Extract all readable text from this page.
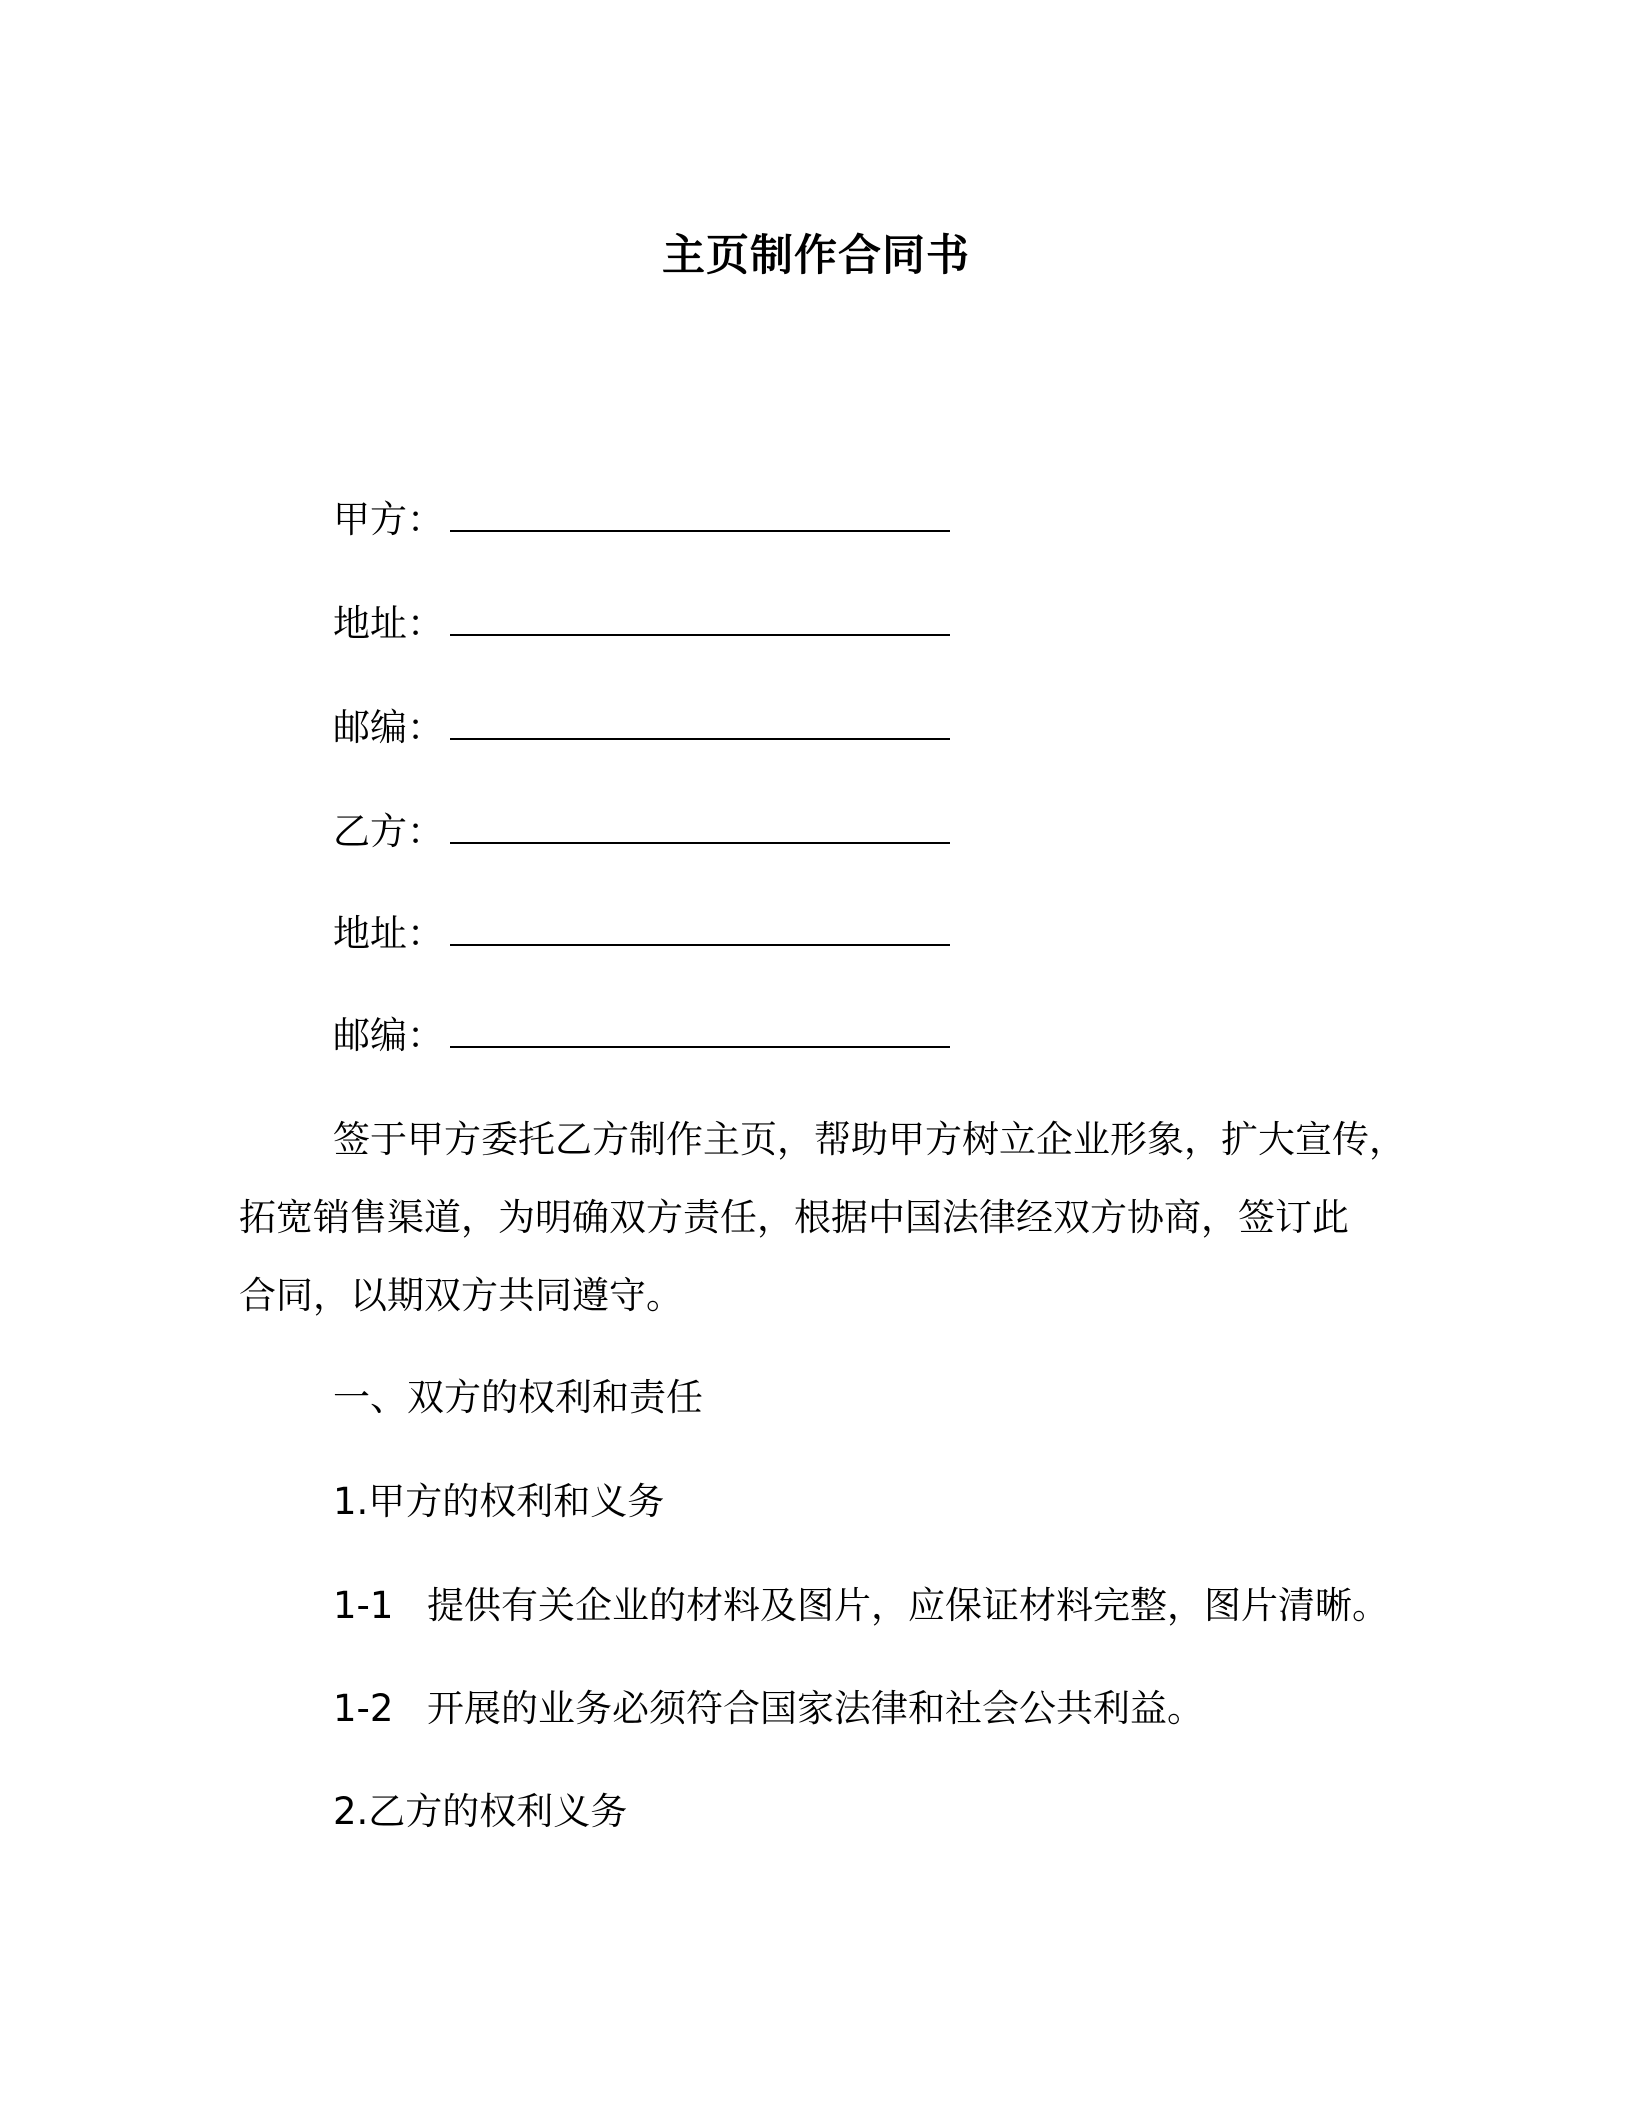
主页制作合同书
甲方：
地址：
邮编：
乙方：
地址：
邮编：
签于甲方委托乙方制作主页，帮助甲方树立企业形象，扩大宣传，
拓宽销售渠道，为明确双方责任，根据中国法律经双方协商，签订此
合同，以期双方共同遵守。
一、双方的权利和责任
1.甲方的权利和义务
1-1 提供有关企业的材料及图片，应保证材料完整，图片清晰。
1-2 开展的业务必须符合国家法律和社会公共利益。
2.乙方的权利义务
